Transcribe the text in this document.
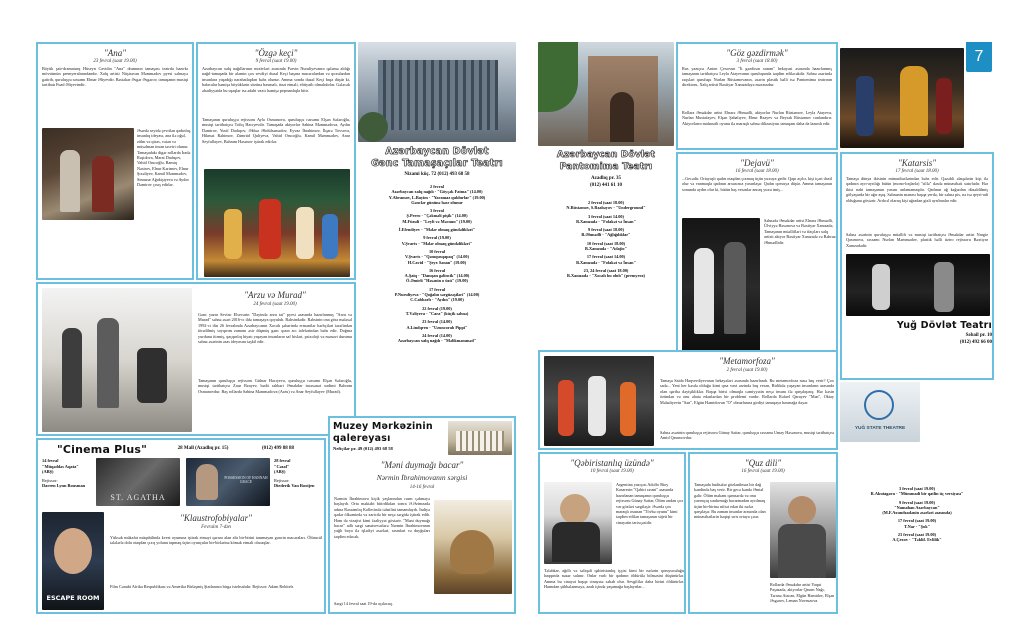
"Ana"
23 fevral (saat 19.00)
Böyük şair-dramaturq Hüseyn Cavidin "Ana" dramının tamaşası teatrda hazırkı mövsümün premyeralarındandır. Xalq artisti Nüşirəvan Məmmədov pyesi səhnəyə gətirib, quruluşçu rəssamı Elmar Əliyevdir. Bəstəkar Əsgər Əsgərov, tamaşanın musiqi tərtibatı Fuad Əliyevindir.
Əsərdə seyidə çevrilən qadınlıq, insanlıq ideyası, ana ilə oğul, zülm və qisas, vətən və müsəlman insan təsviri olunur. Tamaşadakı digər rollarda İradə Rəşidova, Marat Dadaşov, Vahid Orucoğlu, Ramiq Nəsirov, Elnur Kərimov, Elnur Şıxəliyev, Kamil Məmmədov, Simuzər Ağakişiyeva və Aydın Dəmirov çıxış edirlər.
"Özgə keçi"
9 fevral (saat 19.00)
Azərbaycan xalq nağıllarının motivləri əsasında Pərvin Nuruliyevanın qələmə aldığı nağıl-tamaşada bir aləmin çox sevdiyi duzəl Keçi başına macəralardan və qoxulardan insanlara yaşadığı narahatlıqdan bəhs olunur. Amma sonda duzəl Keçi başa düşür ki, balacalar həmişə böyüklərin sözünə baxmalı, itaət etməli, ehtiyatlı olmalıdırlar. Gələcək əbədiyyatda bu uşaqlar isə ədəbi vaxtı həmişə peşmanlıqla bitir.
Tamaşanın quruluşçu rejissoru Ayla Osmanova, quruluşçu rəssamı Elşən Səfəroğlu, musiqi tərtibatçısı Tofiq Hacıyevdir. Tamaşada aktyorlar Sabina Məmmədova, Aydın Dəmirov, Yusif Dadaşov, Əkbər Əbdülsəmədov, Eyvaz İbrahimov, İlqarə Tovsova, Hikmət Rəhimov, Zümrüd Quliyeva, Vahid Orucoğlu, Kamil Məmmədov, Anar Seyfullayev, Bəhram Həsənov iştirak edirlər.
Azərbaycan Dövlət
Gənc Tamaşaçılar Teatrı
Nizami küç. 72 (012) 493 68 58
2 fevral
Azərbaycan xalq nağılı - "Göyçək Fatma" (14.00)
Y.Abramov, L.Bayim - "Yaramaz quldurlar" (19.00)
Gənclər gününə həsr olunur
3 fevral
Ş.Perro - "Çəkməli pişik" (14.00)
M.Füzuli - "Leyli və Məcnun" (19.00)
İ.Efendiyev - "Mələr olmaq gündəlikləri"
9 fevral (19.00)
V.Şvarts - "Mələr olmaq gündəlikləri"
10 fevral
V.Şvarts - "Qəmqusqapaq" (14.00)
H.Cavid - "Şeyx Sənan" (19.00)
16 fevral
A.Şaiq - "Danışan gəlincik" (14.00)
Ö.Əmirli "Həsənin o üzü" (19.00)
17 fevral
P.Nuruliyeva - "Qoğalın sərgüzəştləri" (14.00)
C.Cabbarlı - "Aydın" (19.00)
22 fevral (19.00)
T.Vəliyeva - "Cara" (küçik səhnə)
23 fevral (14.00)
A.Lindqren - "Uzuncorab Pippi"
24 fevral (14.00)
Azərbaycan xalq nağılı - "Məlikməmməd"
"Arzu və Murad"
24 fevral (saat 19.00)
Gənc yazar Sevinc Elsevərin "Dəyində arzu tat" pyesi əsasında hazırlanmış "Arzu və Murad" səhnə əsəri 2016-cı ildə tamaşaya qoyulub. Bəhsindədir. Rəbsinin ona görə mələsəl 1992-ci ilin 26 fevralında Azərbaycanın Xocalı şəhərində ermənilər hərbçiləri tərəfindən törədilmiş soyqırım zamanı əsir düşmüş gənc qızın acı talelərindən bəhs edir. Doğma yurdunu itirmiş, qaçqınlıq hiyatı yaşayan insanların saf hisləri, psixoloji və mənəvi durumu səhnə əsərinin əsas ideyasını təşkil edir.
Tamaşanın quruluşçu rejissoru Gülnar Hacıyeva, quruluşçu rəssamı Elşən Səfəroğlu, musiqi tərtibatçısı Zaur Rzayev, bədii rəhbəri Əməkdar incəsənət xadimi Bəhram Osmanovdur. Baş rollarda Sabina Məmmədova (Arzu) və Anar Seyfullayev (Murad).
"Cinema Plus"	28 Mall (Azadlıq pr. 15)	(012) 499 88 88
14 fevral
"Müqəddəs Aqata"
(ABŞ)
Rejissor:
Darren Lynn Bousman
ST. AGATHA
POSSESSION OF HANNAH GRACE
28 fevral
"Cəzal"
(ABŞ)
Rejissor:
Diederik Van Rooijen
ESCAPE ROOM
"Klaustrofobiyalar"
Fevralın 7-dən
Yüksək mükafat müqabilində kvest oyununa iştirak etməyi qərara alan altı bir-birini tanımayan gəncin macəraları. Ölümcül tələlərlə dolu otaqdan çıxış yolunu tapmaq üçün oyunçular bir-birlərinə kömək etməli olacaqlar.
Film Cənubi Afrika Respublikası və Amerika Birləşmiş Ştatlarının birgə istehsalıdır. Rejissor: Adam Robitels
Muzey Mərkəzinin
qalereyası
Neftçilər pr. 49 (012) 493 68 58
"Məni duymağı bacar"
Nərmin İbrahimovanın sərgisi
14-16 fevral
Nərmin İbrahimova kiçik yaşlarından rəsm çəkməyə başlayıb. Orta məktəbi bitirdikdən sonra Ə.Əzimzadə adına Rəssamlıq Kollecində təhsilini tamamlayıb. İndiyə qədər ölkəmizdə və xaricdə bir neçə sərgidə iştirak edib. Ham də vizajist kimi fəaliyyət göstərir. "Məni duymağı bacar" adlı sərgi sənətsevərlərə Nərmin İbrahimovanın yağlı boya ilə işlədiyi əsərləri, rəsmləri və duyğuları təqdim edəcək.
Sərgi 14 fevral saat 19-da açılacaq.
7
Azərbaycan Dövlət
Pantomima Teatrı
Azadlıq pr. 35
(012) 441 61 10
2 fevral (saat 18.00)
N.Rüstəmov, S.Rzabəyov - "Underground"
3 fevral (saat 14.00)
B.Xanızadə - "Folakət və İnsan"
9 fevral (saat 18.00)
B.Əhmədli - "Ağlığılıklar"
10 fevral (saat 18.00)
B.Xanızadə - "Adajio"
17 fevral (saat 14.00)
B.Xanızadə - "Folakət və İnsan"
23, 24 fevral (saat 18.00)
B.Xanızadə - "Xocalı bu olub" (premyera)
"Göz gəzdirmək"
3 fevral (saat 18.00)
Rus yazıçısı Anton Çexovun "İt gəzdirən xanım" hekayəsi əsasında hazırlanmış tamaşanın tərtibatçısı Leyla Atayevanın quruluşunda təqdim ediləcəkdir. Səhnə əsərində rəqsləri quruluşu Nurlan Rüstəmovanın, əsərin plastik həlli isə Pantomima teatrının direktoru, Xalq artisti Bəxtiyar Xanızadəyə məxsusdur.
Rollara Əməkdar artist Elnarə Əhmədli, aktyorlar Nurlan Rüstəmov, Leyla Atayeva, Nurlan Mustafayev, Elşən Şahalıyev, Elnur Rzayev və Beyrək Rüstəmov canlandırır. Aktyorların maharətli oyunu ilə maraqlı səhnə dilizasiyası tamaşanı daha da lazımlı edir.
"Dejavü"
16 fevral (saat 18.00)
...Gecədir. Ortayaşlı qadın otaqdan çıxmaq üçün yuxuya gedir. Qapı açılır, kişi içəri daxil olur və vanmaqla qadının arxasınca yaxınlaşır. Qadın qorxuya düşür. Amma tamaşanın sonunda aydın olur ki, bütün baş verənlər ancaq yuxu imiş...
Səhnədə Əməkdar artist Elnarə Əhmədli, Ülviyyə Həsənova və Bəxtiyar Xanızadə, Tamaşanın müəllifləri və ifaçıları xalq artisti aktyor Bəxtiyar Xanızadə və Bəhruz Əhmədlidir.
"Katarsis"
17 fevral (saat 18.00)
Tamaşa dünya ikisinin münasibətlərindən bəhs edir. Qəzəbli əlaqələrin kişi ilə qadının ayrı-ayrılığı bütün (mono-loqlarla) "sillə" dəsdə münasibəti xatırladır. Hər ikisi nahi tamaşamın yaxını anlamamaqdır. Qadının ağ kağızdan düzəldilmiş gölyaşarda bir ağır aşıq. Səhnənin mənası başqa yerdə, bir səhnə pis, nə isə qeyri-adi olduğunu göstərir. Ardıcıl olaraq kişi uğradan gizli ayrılmalar edir.
Səhnə əsərinin quruluşçu müəllifi və musiqi tərtibatçısı Əməkdar artist Nargiz Qasımova, rəssamı Nurlan Məmmədov, plastik həlli tiztro rejissoru Bəxtiyar Xanızadədir.
Yuğ Dövlət Teatrı
Səbail pr. 10
(012) 492 66 00
"Metamorfoza"
2 fevral (saat 19.00)
Tamaşa Saida Haqverdiyevanın hekayələri əsasında hazırlanıb. Bu metamorfoza nəsə baş verir? Çox sadə... Yeni her kəsdə olduğu kimi qısa vaxt ərzində baş verən, Birlikdə yaşayan insanların arasında olan qəribə dəyişikliklər. Başqa birisi olmaqla cəmiyyətin neçə insanı ilə qarşılaşırıq. Hər kəsin özündən və onu əhatə edənlərdən bir problemi vardır. Rollarda Rəfael Qarayev "Mən", Oktay Məhəliyevin "Sən", Elgün Həmidovun "O" obrazlarına girdiyi tamaşaya baxmağa dəyər.
Səhnə əsərinin quruluşçu rejissoru Günay Səttar, quruluşçu rəssamı Umay Həsənova, musiqi tərtibatçısı Amid Qasımovdur.
YUĞ STATE THEATRE
"Qəbiristanlıq üzündə"
10 fevral (saat 19.00)
Argentina yazıçısı Adolfo Bioy Kasaresin "Qəbiri rəsmi" əsasında hazırlanan tamaşanın quruluşçu rejissoru Günay Səttar, Ölüm ondan çox var gözləri sərgiləşir. Əsərdə çox maraqlı oxunan "Tövbə oyunu" kimi təqdim edilən tamaşanın süjeti bir cinayətin tarixçəsidir.
Tələbkar, ağıllı və səliqəli qəbiristanlıq işçisi kimi bir nəfərin qoruyuculuğu haqqında nəzər salınır. Onlar varlı bir qadının öldürülə bilməsini düşünürlər. Amma bu cinayət başqa cinayətə səbəb olur. Sevgililər daha birini öldürürlər. Hamıdan şübhələnməyə, azab içində yaşamağa başlayırlar...
"Quz dili"
16 fevral (saat 19.00)
Tamaşada hadisələr gözlənilməz bir dağ kəndində baş verir. Bir gecə kəndə Əmtəl gəlir. Ölüm məkanı qəmsərdə və onu yarımçıq sındırmağı bacarmadan ayrılmaq üçün bir-birinə nifrət edən iki nəfər qarşılaşır. Bu zaman insanlar arasında olan münasibətlərin həqiqi sırrı ortaya çıxır.
Rollarda Əməkdar artist Yaqut Paşazadə, aktyorlar Qasım Nağı, Təranə Atacan, Elgün Həmidov, Elşən Əsgərov, Leman Novruzova.
3 fevral (saat 19.00)
R.Akutagava - "Mümmadi bir qatlin üç versiyası"
9 fevral (saat 19.00)
"Namahan Azərbaycan"
(M.F.Axundzadənin əsərləri əsasında)
17 fevral (saat 19.00)
T.Nar - "Şok"
23 fevral (saat 19.00)
A.Çexov - "Təklif. Evlilik"
